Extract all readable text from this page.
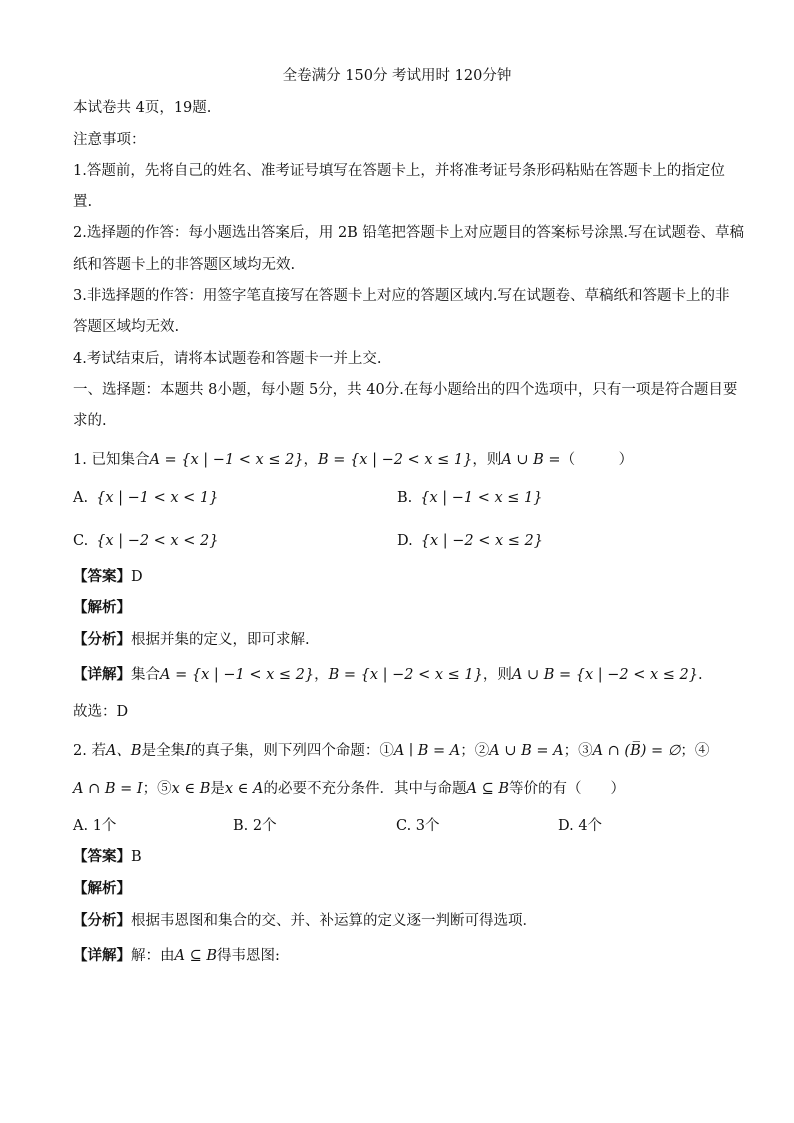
全卷满分 150分 考试用时 120分钟
本试卷共 4页，19题.
注意事项：
1.答题前，先将自己的姓名、准考证号填写在答题卡上，并将准考证号条形码粘贴在答题卡上的指定位
置.
2.选择题的作答：每小题选出答案后，用 2B 铅笔把答题卡上对应题目的答案标号涂黑.写在试题卷、草稿
纸和答题卡上的非答题区域均无效.
3.非选择题的作答：用签字笔直接写在答题卡上对应的答题区域内.写在试题卷、草稿纸和答题卡上的非
答题区域均无效.
4.考试结束后，请将本试题卷和答题卡一并上交.
一、选择题：本题共 8小题，每小题 5分，共 40分.在每小题给出的四个选项中，只有一项是符合题目要
求的.
1. 已知集合A = {x | −1 < x ≤ 2}，B = {x | −2 < x ≤ 1}，则A ∪ B =（　　　）
A. {x | −1 < x < 1}	B. {x | −1 < x ≤ 1}
C. {x | −2 < x < 2}	D. {x | −2 < x ≤ 2}
【答案】D
【解析】
【分析】根据并集的定义，即可求解.
【详解】集合A = {x | −1 < x ≤ 2}，B = {x | −2 < x ≤ 1}，则A ∪ B = {x | −2 < x ≤ 2}.
故选：D
2. 若A、B是全集I的真子集，则下列四个命题：①A ∣ B = A；②A ∪ B = A；③A ∩ (B̅) = ∅；④
A ∩ B = I；⑤x ∈ B是x ∈ A的必要不充分条件．其中与命题A ⊆ B等价的有（　　）
A. 1个	B. 2个	C. 3个	D. 4个
【答案】B
【解析】
【分析】根据韦恩图和集合的交、并、补运算的定义逐一判断可得选项．
【详解】解：由A ⊆ B得韦恩图:
